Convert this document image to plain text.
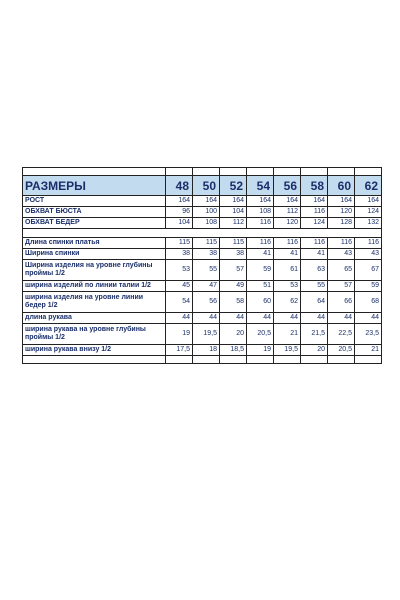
РАЗМЕРЫ	48	50	52	54	56	58	60	62
РОСТ	164	164	164	164	164	164	164	164
ОБХВАТ БЮСТА	96	100	104	108	112	116	120	124
ОБХВАТ БЕДЕР	104	108	112	116	120	124	128	132

Длина спинки платья	115	115	115	116	116	116	116	116
Ширина спинки	38	38	38	41	41	41	43	43
Ширина изделия на уровне глубины проймы 1/2	53	55	57	59	61	63	65	67
ширина изделий по линии талии 1/2	45	47	49	51	53	55	57	59
ширина изделия на уровне линии бедер 1/2	54	56	58	60	62	64	66	68
длина рукава	44	44	44	44	44	44	44	44
ширина рукава на уровне глубины проймы 1/2	19	19,5	20	20,5	21	21,5	22,5	23,5
ширина рукава внизу 1/2	17,5	18	18,5	19	19,5	20	20,5	21
